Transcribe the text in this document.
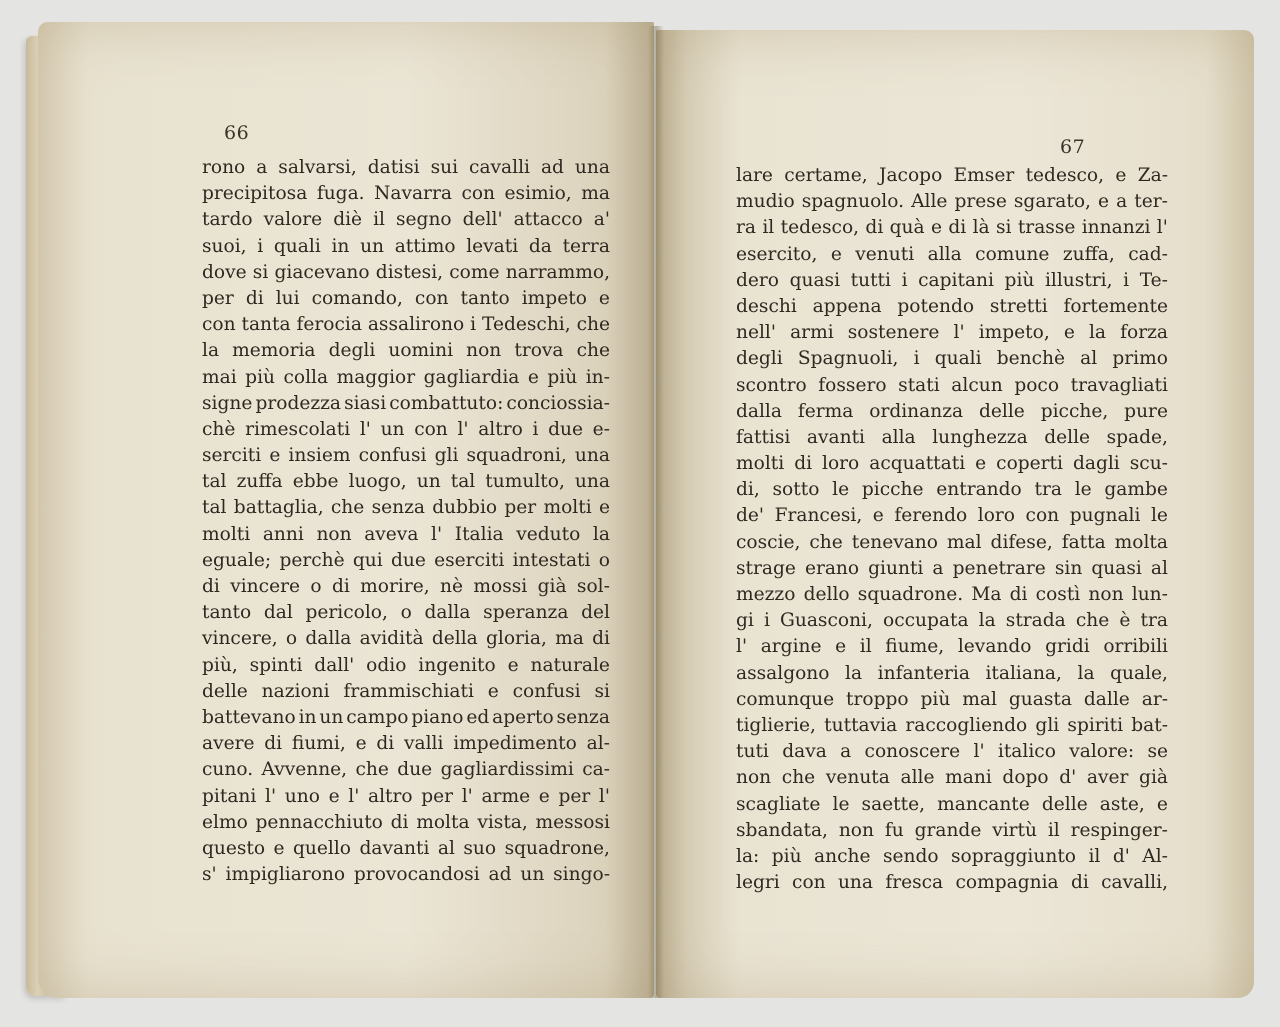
66
rono a salvarsi, datisi sui cavalli ad una
precipitosa fuga. Navarra con esimio, ma
tardo valore diè il segno dell' attacco a'
suoi, i quali in un attimo levati da terra
dove si giacevano distesi, come narrammo,
per di lui comando, con tanto impeto e
con tanta ferocia assalirono i Tedeschi, che
la memoria degli uomini non trova che
mai più colla maggior gagliardia e più in-
signe prodezza siasi combattuto: conciossia-
chè rimescolati l' un con l' altro i due e-
serciti e insiem confusi gli squadroni, una
tal zuffa ebbe luogo, un tal tumulto, una
tal battaglia, che senza dubbio per molti e
molti anni non aveva l' Italia veduto la
eguale; perchè qui due eserciti intestati o
di vincere o di morire, nè mossi già sol-
tanto dal pericolo, o dalla speranza del
vincere, o dalla avidità della gloria, ma di
più, spinti dall' odio ingenito e naturale
delle nazioni frammischiati e confusi si
battevano in un campo piano ed aperto senza
avere di fiumi, e di valli impedimento al-
cuno. Avvenne, che due gagliardissimi ca-
pitani l' uno e l' altro per l' arme e per l'
elmo pennacchiuto di molta vista, messosi
questo e quello davanti al suo squadrone,
s' impigliarono provocandosi ad un singo-
67
lare certame, Jacopo Emser tedesco, e Za-
mudio spagnuolo. Alle prese sgarato, e a ter-
ra il tedesco, di quà e di là si trasse innanzi l'
esercito, e venuti alla comune zuffa, cad-
dero quasi tutti i capitani più illustri, i Te-
deschi appena potendo stretti fortemente
nell' armi sostenere l' impeto, e la forza
degli Spagnuoli, i quali benchè al primo
scontro fossero stati alcun poco travagliati
dalla ferma ordinanza delle picche, pure
fattisi avanti alla lunghezza delle spade,
molti di loro acquattati e coperti dagli scu-
di, sotto le picche entrando tra le gambe
de' Francesi, e ferendo loro con pugnali le
coscie, che tenevano mal difese, fatta molta
strage erano giunti a penetrare sin quasi al
mezzo dello squadrone. Ma di costì non lun-
gi i Guasconi, occupata la strada che è tra
l' argine e il fiume, levando gridi orribili
assalgono la infanteria italiana, la quale,
comunque troppo più mal guasta dalle ar-
tiglierie, tuttavia raccogliendo gli spiriti bat-
tuti dava a conoscere l' italico valore: se
non che venuta alle mani dopo d' aver già
scagliate le saette, mancante delle aste, e
sbandata, non fu grande virtù il respinger-
la: più anche sendo sopraggiunto il d' Al-
legri con una fresca compagnia di cavalli,
